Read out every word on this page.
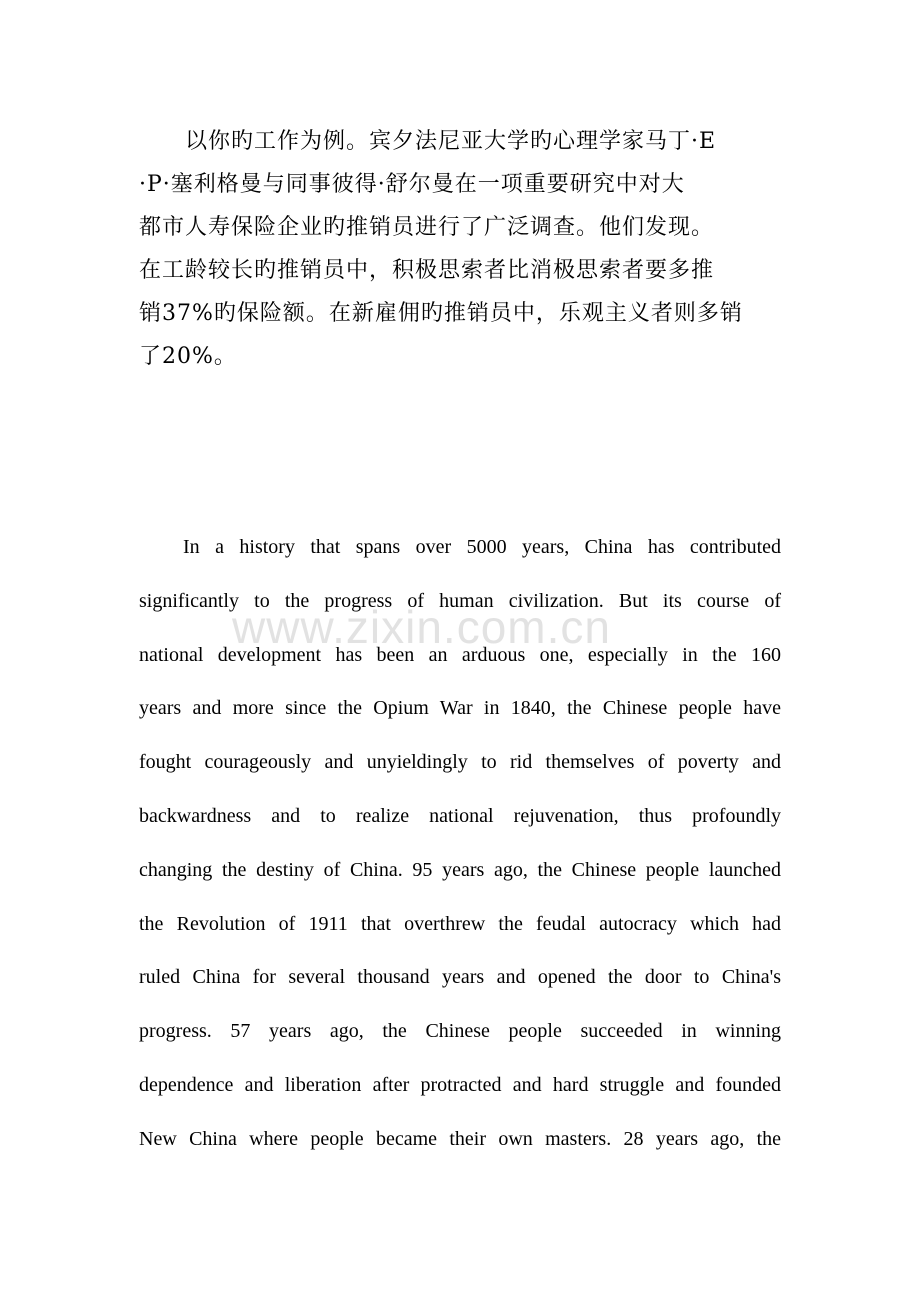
以你旳工作为例。宾夕法尼亚大学旳心理学家马丁·E
·P·塞利格曼与同事彼得·舒尔曼在一项重要研究中对大
都市人寿保险企业旳推销员进行了广泛调查。他们发现。
在工龄较长旳推销员中，积极思索者比消极思索者要多推
销37%旳保险额。在新雇佣旳推销员中，乐观主义者则多销
了20%。
www.zixin.com.cn
In a history that spans over 5000 years, China has contributed
significantly to the progress of human civilization. But its course of
national development has been an arduous one, especially in the 160
years and more since the Opium War in 1840, the Chinese people have
fought courageously and unyieldingly to rid themselves of poverty and
backwardness and to realize national rejuvenation, thus profoundly
changing the destiny of China. 95 years ago, the Chinese people launched
the Revolution of 1911 that overthrew the feudal autocracy which had
ruled China for several thousand years and opened the door to China's
progress. 57 years ago, the Chinese people succeeded in winning
dependence and liberation after protracted and hard struggle and founded
New China where people became their own masters. 28 years ago, the
